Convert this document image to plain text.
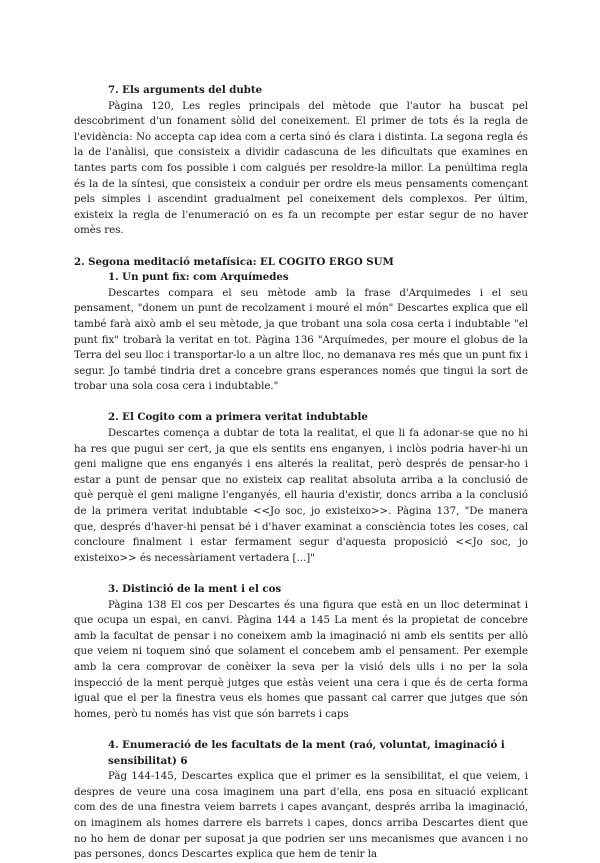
7. Els arguments del dubte

Pàgina 120, Les regles principals del mètode que l'autor ha buscat pel descobriment d'un fonament sòlid del coneixement. El primer de tots és la regla de l'evidència: No accepta cap idea com a certa sinó és clara i distinta. La segona regla és la de l'anàlisi, que consisteix a dividir cadascuna de les dificultats que examines en tantes parts com fos possible i com calgués per resoldre-la millor. La penúltima regla és la de la síntesi, que consisteix a conduir per ordre els meus pensaments començant pels simples i ascendint gradualment pel coneixement dels complexos. Per últim, existeix la regla de l'enumeració on es fa un recompte per estar segur de no haver omès res.

2. Segona meditació metafísica: EL COGITO ERGO SUM

1. Un punt fix: com Arquímedes

Descartes compara el seu mètode amb la frase d'Arquimedes i el seu pensament, "donem un punt de recolzament i mouré el món" Descartes explica que ell també farà això amb el seu mètode, ja que trobant una sola cosa certa i indubtable "el punt fix" trobarà la veritat en tot. Pàgina 136 "Arquímedes, per moure el globus de la Terra del seu lloc i transportar-lo a un altre lloc, no demanava res més que un punt fix i segur. Jo també tindria dret a concebre grans esperances només que tingui la sort de trobar una sola cosa cera i indubtable."

2. El Cogito com a primera veritat indubtable

Descartes comença a dubtar de tota la realitat, el que li fa adonar-se que no hi ha res que pugui ser cert, ja que els sentits ens enganyen, i inclòs podria haver-hi un geni maligne que ens enganyés i ens alterés la realitat, però després de pensar-ho i estar a punt de pensar que no existeix cap realitat absoluta arriba a la conclusió de què perquè el geni maligne l'enganyés, ell hauria d'existir, doncs arriba a la conclusió de la primera veritat indubtable <<Jo soc, jo existeixo>>. Pàgina 137, "De manera que, després d'haver-hi pensat bé i d'haver examinat a consciència totes les coses, cal concloure finalment i estar fermament segur d'aquesta proposició <<Jo soc, jo existeixo>> és necessàriament vertadera [...]"

3. Distinció de la ment i el cos

Pàgina 138 El cos per Descartes és una figura que està en un lloc determinat i que ocupa un espai, en canvi. Pàgina 144 a 145 La ment és la propietat de concebre amb la facultat de pensar i no coneixem amb la imaginació ni amb els sentits per allò que veiem ni toquem sinó que solament el concebem amb el pensament. Per exemple amb la cera comprovar de conèixer la seva per la visió dels ulls i no per la sola inspecció de la ment perquè jutges que estàs veient una cera i que és de certa forma igual que el per la finestra veus els homes que passant cal carrer que jutges que són homes, però tu només has vist que són barrets i caps

4. Enumeració de les facultats de la ment (raó, voluntat, imaginació i sensibilitat) 6

Pàg 144-145, Descartes explica que el primer es la sensibilitat, el que veiem, i despres de veure una cosa imaginem una part d'ella, ens posa en situació explicant com des de una finestra veiem barrets i capes avançant, després arriba la imaginació, on imaginem als homes darrere els barrets i capes, doncs arriba Descartes dient que no ho hem de donar per suposat ja que podrien ser uns mecanismes que avancen i no pas persones, doncs Descartes explica que hem de tenir la
